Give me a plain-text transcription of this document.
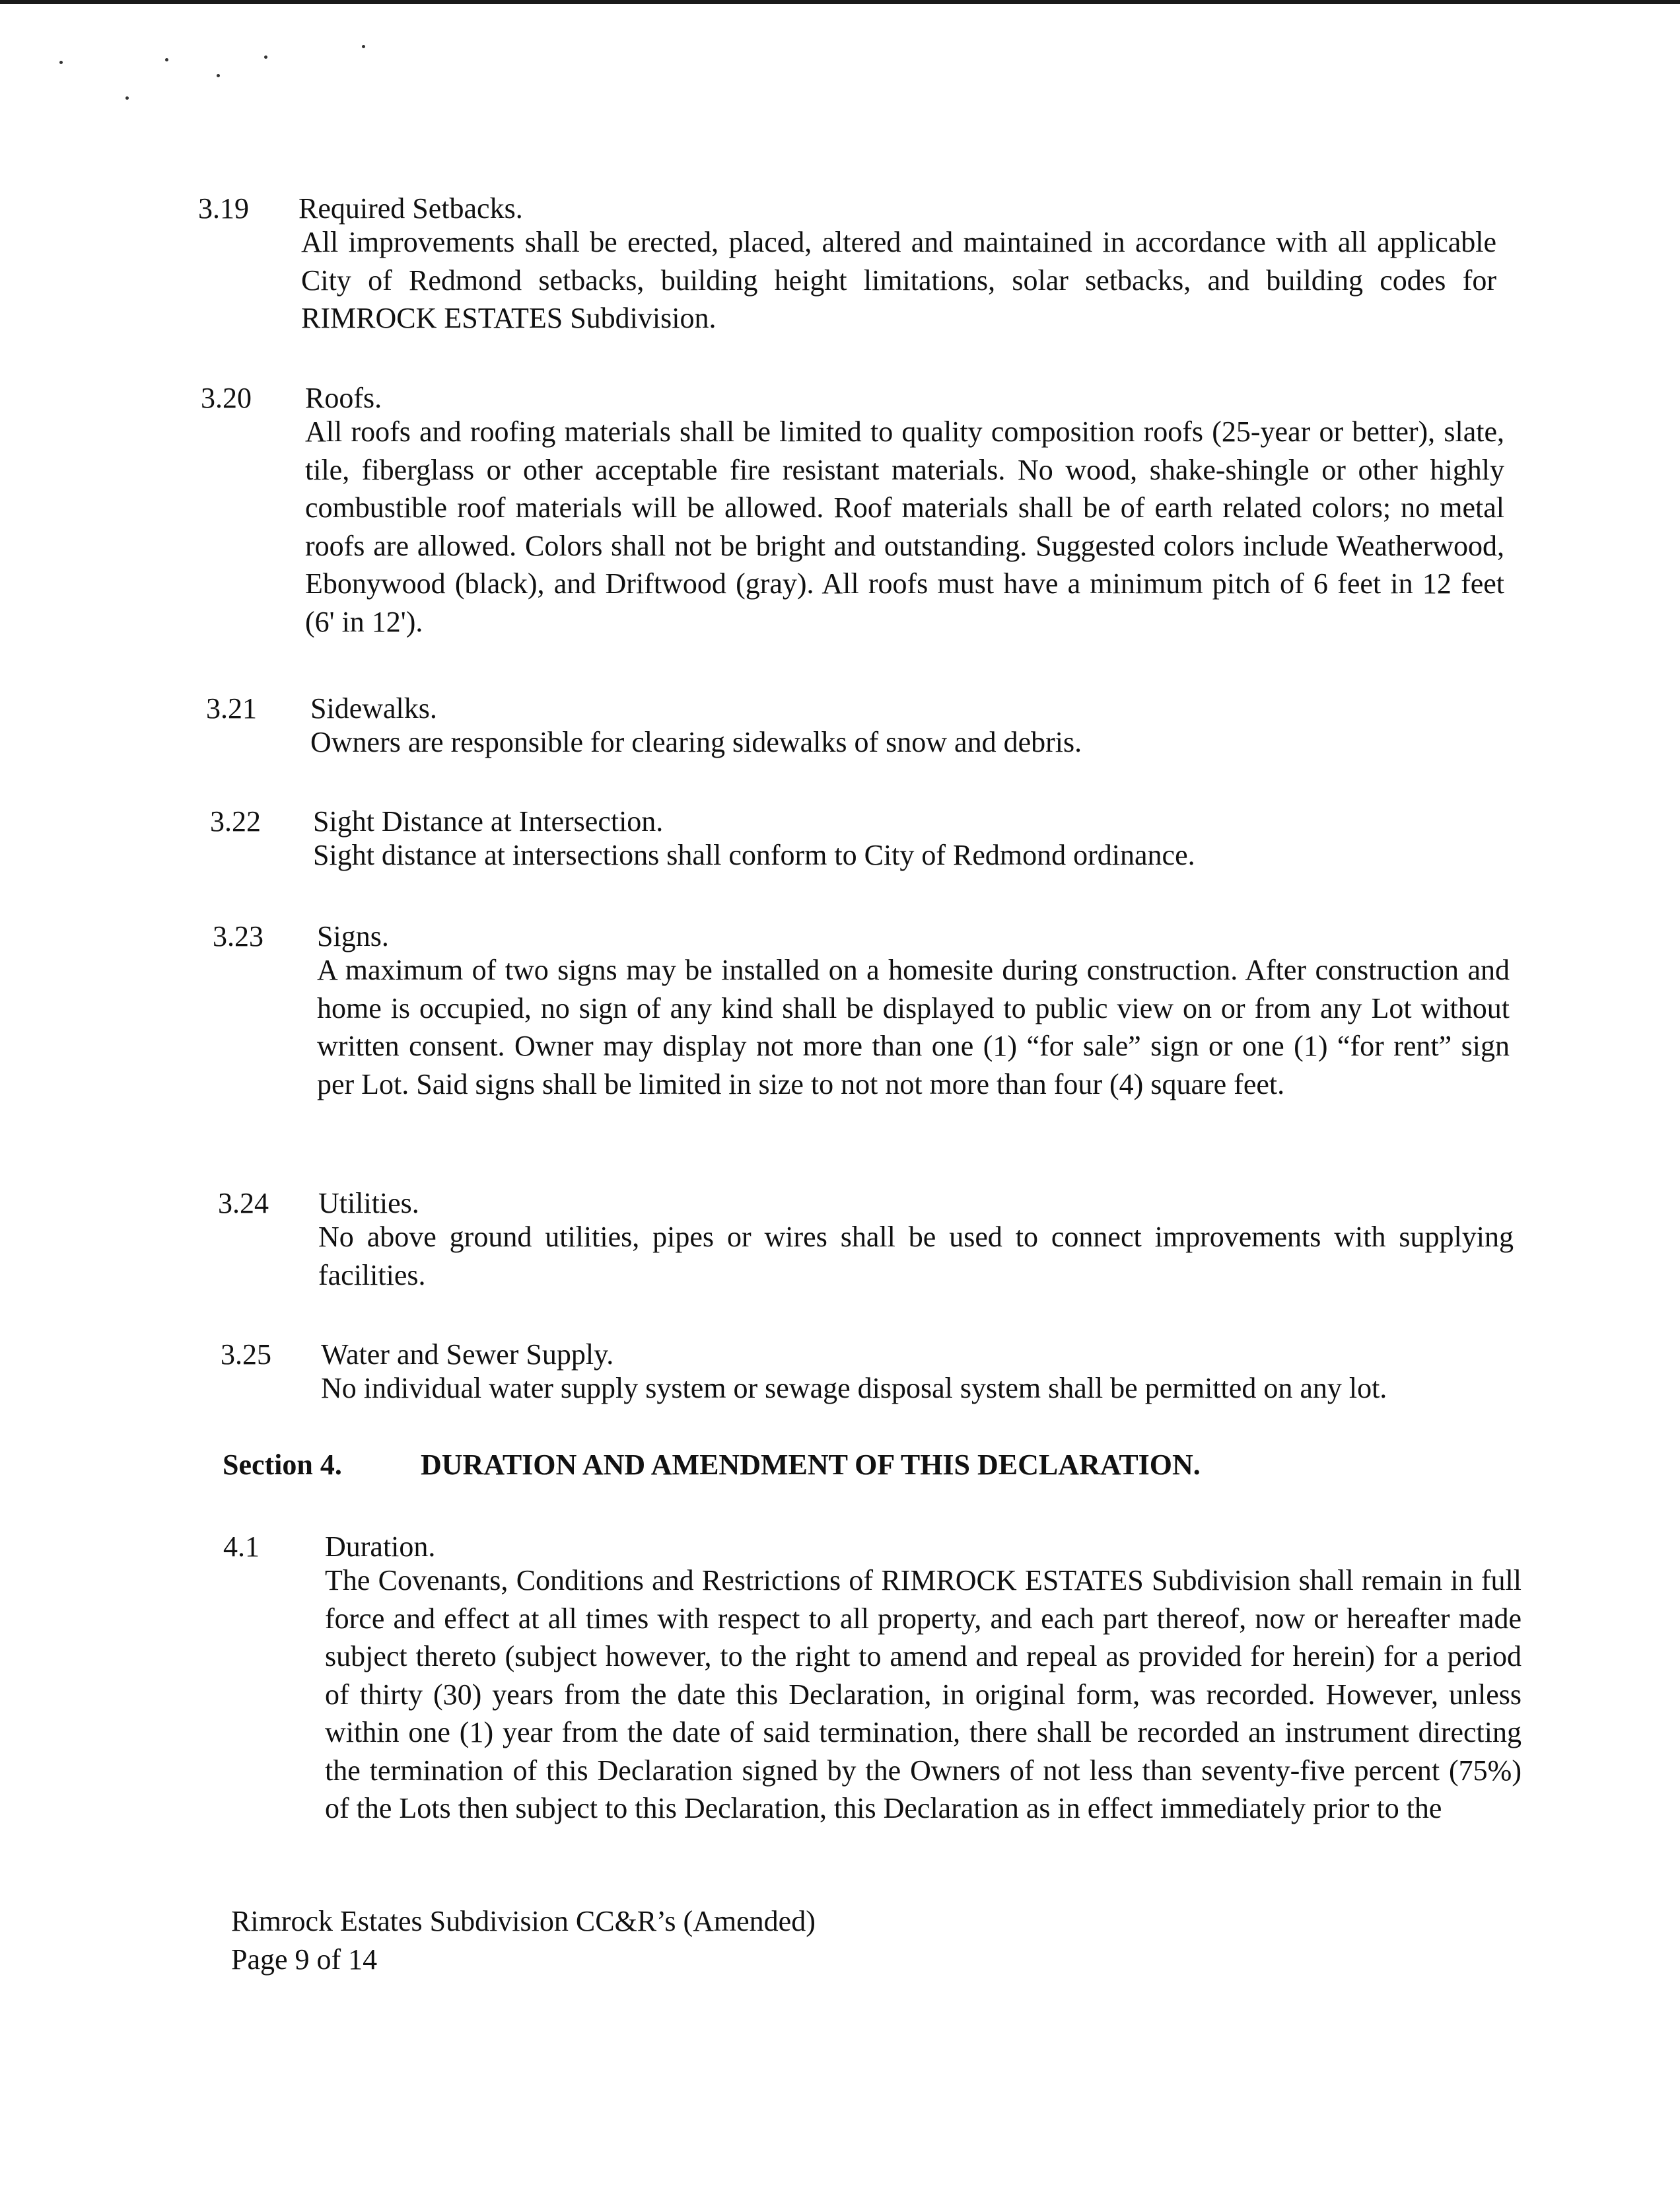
3.19 Required Setbacks.
All improvements shall be erected, placed, altered and maintained in accordance with all applicable City of Redmond setbacks, building height limitations, solar setbacks, and building codes for RIMROCK ESTATES Subdivision.
3.20 Roofs.
All roofs and roofing materials shall be limited to quality composition roofs (25-year or better), slate, tile, fiberglass or other acceptable fire resistant materials. No wood, shake-shingle or other highly combustible roof materials will be allowed. Roof materials shall be of earth related colors; no metal roofs are allowed. Colors shall not be bright and outstanding. Suggested colors include Weatherwood, Ebonywood (black), and Driftwood (gray). All roofs must have a minimum pitch of 6 feet in 12 feet (6' in 12').
3.21 Sidewalks.
Owners are responsible for clearing sidewalks of snow and debris.
3.22 Sight Distance at Intersection.
Sight distance at intersections shall conform to City of Redmond ordinance.
3.23 Signs.
A maximum of two signs may be installed on a homesite during construction. After construction and home is occupied, no sign of any kind shall be displayed to public view on or from any Lot without written consent. Owner may display not more than one (1) “for sale” sign or one (1) “for rent” sign per Lot. Said signs shall be limited in size to not not more than four (4) square feet.
3.24 Utilities.
No above ground utilities, pipes or wires shall be used to connect improvements with supplying facilities.
3.25 Water and Sewer Supply.
No individual water supply system or sewage disposal system shall be permitted on any lot.
Section 4.	DURATION AND AMENDMENT OF THIS DECLARATION.
4.1 Duration.
The Covenants, Conditions and Restrictions of RIMROCK ESTATES Subdivision shall remain in full force and effect at all times with respect to all property, and each part thereof, now or hereafter made subject thereto (subject however, to the right to amend and repeal as provided for herein) for a period of thirty (30) years from the date this Declaration, in original form, was recorded. However, unless within one (1) year from the date of said termination, there shall be recorded an instrument directing the termination of this Declaration signed by the Owners of not less than seventy-five percent (75%) of the Lots then subject to this Declaration, this Declaration as in effect immediately prior to the
Rimrock Estates Subdivision CC&R’s (Amended)
Page 9 of 14
